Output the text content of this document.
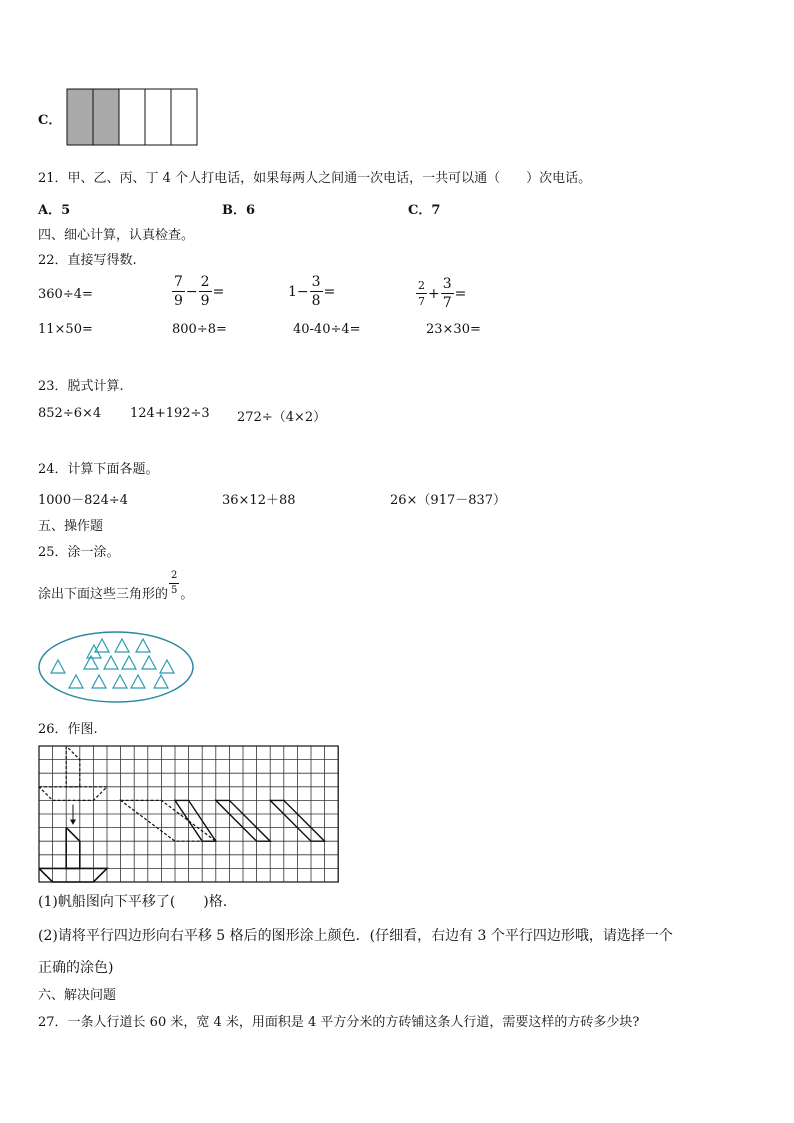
C．
21．甲、乙、丙、丁 4 个人打电话，如果每两人之间通一次电话，一共可以通（　　）次电话。
A．5	B．6	C．7
四、细心计算，认真检查。
22．直接写得数.
360÷4=	$\frac{7}{9} - \frac{2}{9}$ =	$1- \frac{3}{8}$ =	$\frac{2}{7} + \frac{3}{7}$ =
11×50=	800÷8=	40-40÷4=	23×30=
23．脱式计算.
852÷6×4 124+192÷3 272÷（4×2）
24．计算下面各题。
1000－824÷4	36×12＋88	26×（917－837）
五、操作题
25．涂一涂。
涂出下面这些三角形的 $\frac{2}{5}$ 。
26．作图.
(1)帆船图向下平移了(　　)格.
(2)请将平行四边形向右平移 5 格后的图形涂上颜色．(仔细看，右边有 3 个平行四边形哦，请选择一个
正确的涂色)
六、解决问题
27．一条人行道长 60 米，宽 4 米，用面积是 4 平方分米的方砖铺这条人行道，需要这样的方砖多少块?
